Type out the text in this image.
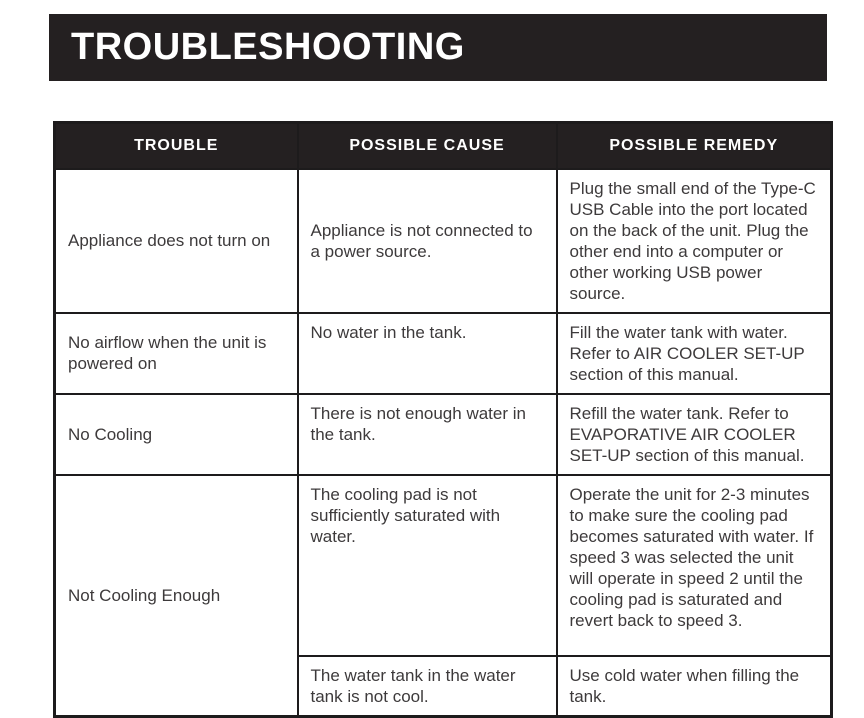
TROUBLESHOOTING
TROUBLE	POSSIBLE CAUSE	POSSIBLE REMEDY
Appliance does not turn on	Appliance is not connected to a power source.	Plug the small end of the Type-C USB Cable into the port located on the back of the unit. Plug the other end into a computer or other working USB power source.
No airflow when the unit is powered on	No water in the tank.	Fill the water tank with water. Refer to AIR COOLER SET-UP section of this manual.
No Cooling	There is not enough water in the tank.	Refill the water tank. Refer to EVAPORATIVE AIR COOLER SET-UP section of this manual.
Not Cooling Enough	The cooling pad is not sufficiently saturated with water.	Operate the unit for 2-3 minutes to make sure the cooling pad becomes saturated with water. If speed 3 was selected the unit will operate in speed 2 until the cooling pad is saturated and revert back to speed 3.
	The water tank in the water tank is not cool.	Use cold water when filling the tank.
